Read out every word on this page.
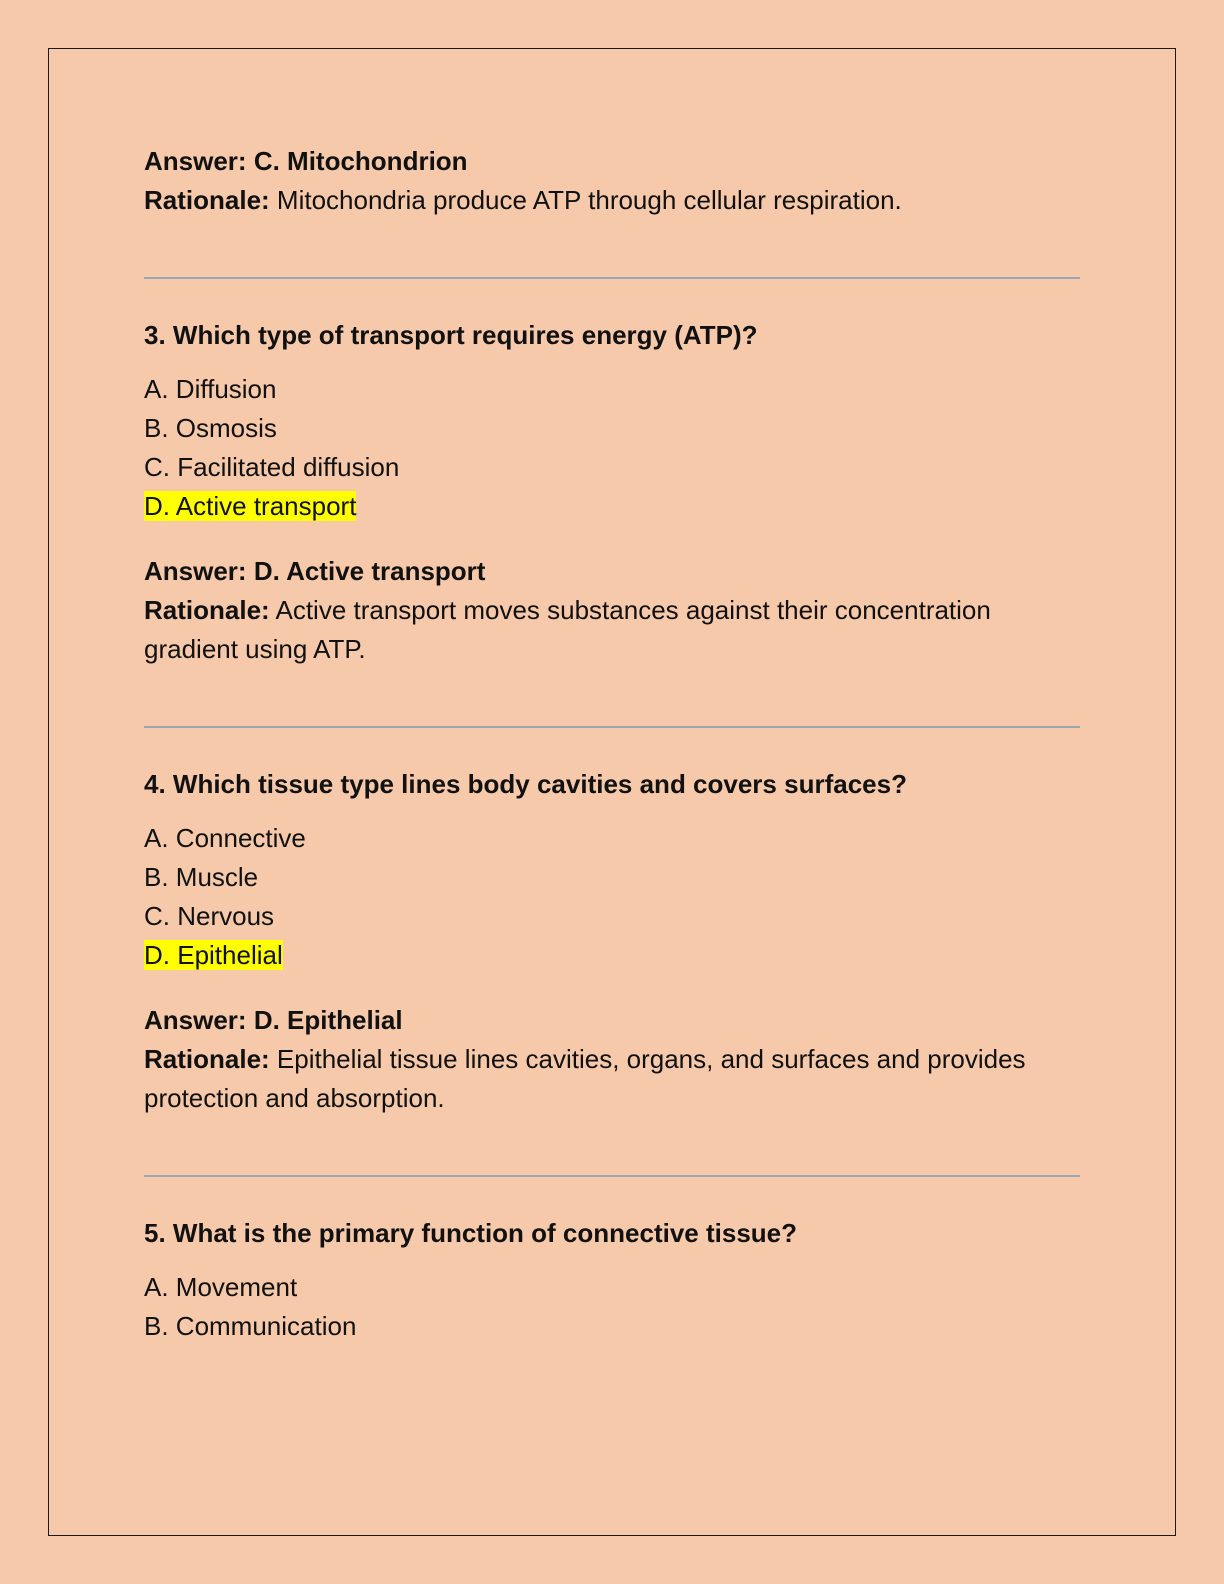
Answer: C. Mitochondrion

Rationale: Mitochondria produce ATP through cellular respiration.

3. Which type of transport requires energy (ATP)?

A. Diffusion

B. Osmosis

C. Facilitated diffusion

D. Active transport

Answer: D. Active transport

Rationale: Active transport moves substances against their concentration gradient using ATP.

4. Which tissue type lines body cavities and covers surfaces?

A. Connective

B. Muscle

C. Nervous

D. Epithelial

Answer: D. Epithelial

Rationale: Epithelial tissue lines cavities, organs, and surfaces and provides protection and absorption.

5. What is the primary function of connective tissue?

A. Movement

B. Communication
